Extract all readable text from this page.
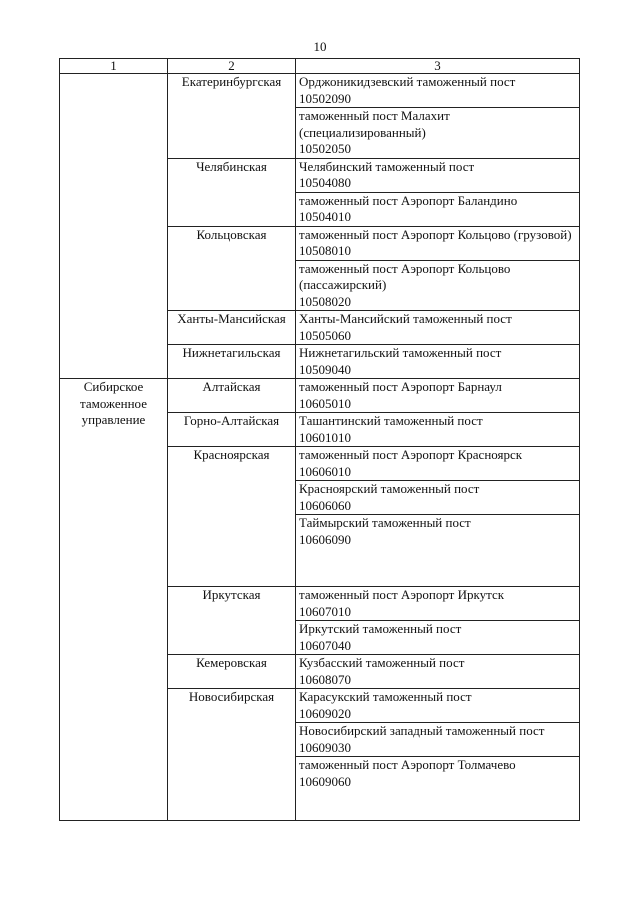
10
1	2	3

	Екатеринбургская	Орджоникидзевский таможенный пост
10502090

		таможенный пост Малахит (специализированный)
10502050

	Челябинская	Челябинский таможенный пост
10504080

		таможенный пост Аэропорт Баландино
10504010

	Кольцовская	таможенный пост Аэропорт Кольцово (грузовой)
10508010

		таможенный пост Аэропорт Кольцово (пассажирский)
10508020

	Ханты-Мансийская	Ханты-Мансийский таможенный пост
10505060

	Нижнетагильская	Нижнетагильский таможенный пост
10509040

Сибирское
таможенное
управление	Алтайская	таможенный пост Аэропорт Барнаул
10605010

	Горно-Алтайская	Ташантинский таможенный пост
10601010

	Красноярская	таможенный пост Аэропорт Красноярск
10606010

		Красноярский таможенный пост
10606060

		Таймырский таможенный пост
10606090

	Иркутская	таможенный пост Аэропорт Иркутск
10607010

		Иркутский таможенный пост
10607040

	Кемеровская	Кузбасский таможенный пост
10608070

	Новосибирская	Карасукский таможенный пост
10609020

		Новосибирский западный таможенный пост
10609030

		таможенный пост Аэропорт Толмачево
10609060
